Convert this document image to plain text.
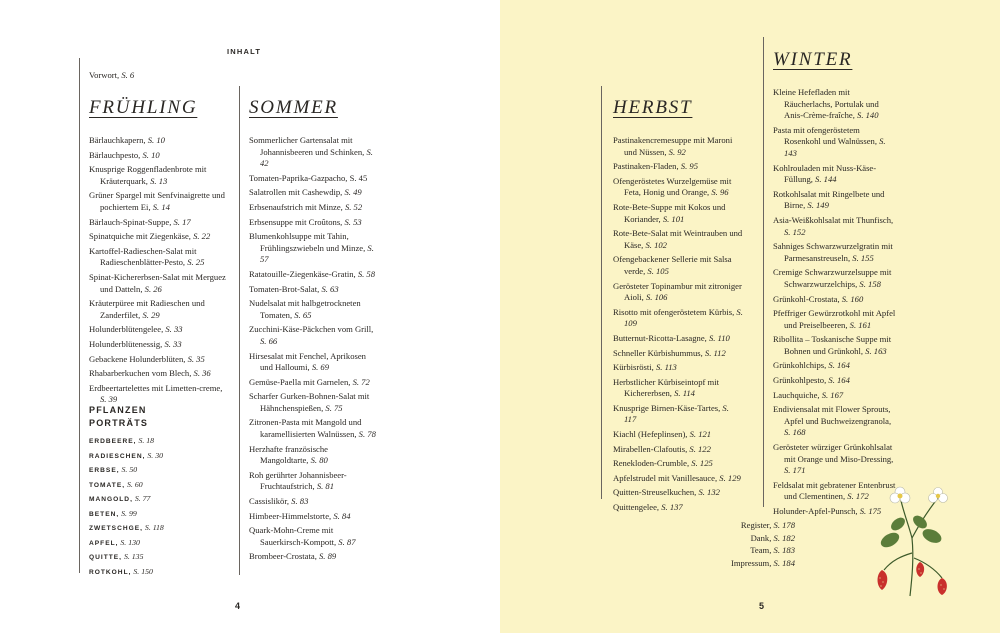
INHALT
Vorwort, S. 6
FRÜHLING
Bärlauchkapern, S. 10
Bärlauchpesto, S. 10
Knusprige Roggenfladenbrote mit Kräuterquark, S. 13
Grüner Spargel mit Senfvinaigrette und pochiertem Ei, S. 14
Bärlauch-Spinat-Suppe, S. 17
Spinatquiche mit Ziegenkäse, S. 22
Kartoffel-Radieschen-Salat mit Radieschenblätter-Pesto, S. 25
Spinat-Kichererbsen-Salat mit Merguez und Datteln, S. 26
Kräuterpüree mit Radieschen und Zanderfilet, S. 29
Holunderblütengelee, S. 33
Holunderblütenessig, S. 33
Gebackene Holunderblüten, S. 35
Rhabarberkuchen vom Blech, S. 36
Erdbeertartelettes mit Limetten-creme, S. 39
PFLANZEN
PORTRÄTS
ERDBEERE, S. 18
RADIESCHEN, S. 30
ERBSE, S. 50
TOMATE, S. 60
MANGOLD, S. 77
BETEN, S. 99
ZWETSCHGE, S. 118
APFEL, S. 130
QUITTE, S. 135
ROTKOHL, S. 150
SOMMER
Sommerlicher Gartensalat mit Johannisbeeren und Schinken, S. 42
Tomaten-Paprika-Gazpacho, S. 45
Salatrollen mit Cashewdip, S. 49
Erbsenaufstrich mit Minze, S. 52
Erbsensuppe mit Croûtons, S. 53
Blumenkohlsuppe mit Tahin, Frühlingszwiebeln und Minze, S. 57
Ratatouille-Ziegenkäse-Gratin, S. 58
Tomaten-Brot-Salat, S. 63
Nudelsalat mit halbgetrockneten Tomaten, S. 65
Zucchini-Käse-Päckchen vom Grill, S. 66
Hirsesalat mit Fenchel, Aprikosen und Halloumi, S. 69
Gemüse-Paella mit Garnelen, S. 72
Scharfer Gurken-Bohnen-Salat mit Hähnchenspießen, S. 75
Zitronen-Pasta mit Mangold und karamellisierten Walnüssen, S. 78
Herzhafte französische Mangoldtarte, S. 80
Roh gerührter Johannisbeer-Fruchtaufstrich, S. 81
Cassislikör, S. 83
Himbeer-Himmelstorte, S. 84
Quark-Mohn-Creme mit Sauerkirsch-Kompott, S. 87
Brombeer-Crostata, S. 89
4
HERBST
Pastinakencremesuppe mit Maroni und Nüssen, S. 92
Pastinaken-Fladen, S. 95
Ofengeröstetes Wurzelgemüse mit Feta, Honig und Orange, S. 96
Rote-Bete-Suppe mit Kokos und Koriander, S. 101
Rote-Bete-Salat mit Weintrauben und Käse, S. 102
Ofengebackener Sellerie mit Salsa verde, S. 105
Gerösteter Topinambur mit zitroniger Aioli, S. 106
Risotto mit ofengeröstetem Kürbis, S. 109
Butternut-Ricotta-Lasagne, S. 110
Schneller Kürbishummus, S. 112
Kürbisrösti, S. 113
Herbstlicher Kürbiseintopf mit Kichererbsen, S. 114
Knusprige Birnen-Käse-Tartes, S. 117
Kiachl (Hefeplinsen), S. 121
Mirabellen-Clafoutis, S. 122
Renekloden-Crumble, S. 125
Apfelstrudel mit Vanillesauce, S. 129
Quitten-Streuselkuchen, S. 132
Quittengelee, S. 137
WINTER
Kleine Hefefladen mit Räucherlachs, Portulak und Anis-Crème-fraîche, S. 140
Pasta mit ofengeröstetem Rosenkohl und Walnüssen, S. 143
Kohlrouladen mit Nuss-Käse-Füllung, S. 144
Rotkohlsalat mit Ringelbete und Birne, S. 149
Asia-Weißkohlsalat mit Thunfisch, S. 152
Sahniges Schwarzwurzelgratin mit Parmesanstreuseln, S. 155
Cremige Schwarzwurzelsuppe mit Schwarzwurzelchips, S. 158
Grünkohl-Crostata, S. 160
Pfeffriger Gewürzrotkohl mit Apfel und Preiselbeeren, S. 161
Ribollita – Toskanische Suppe mit Bohnen und Grünkohl, S. 163
Grünkohlchips, S. 164
Grünkohlpesto, S. 164
Lauchquiche, S. 167
Endiviensalat mit Flower Sprouts, Apfel und Buchweizengranola, S. 168
Gerösteter würziger Grünkohlsalat mit Orange und Miso-Dressing, S. 171
Feldsalat mit gebratener Entenbrust und Clementinen, S. 172
Holunder-Apfel-Punsch, S. 175
Register, S. 178
Dank, S. 182
Team, S. 183
Impressum, S. 184
5
